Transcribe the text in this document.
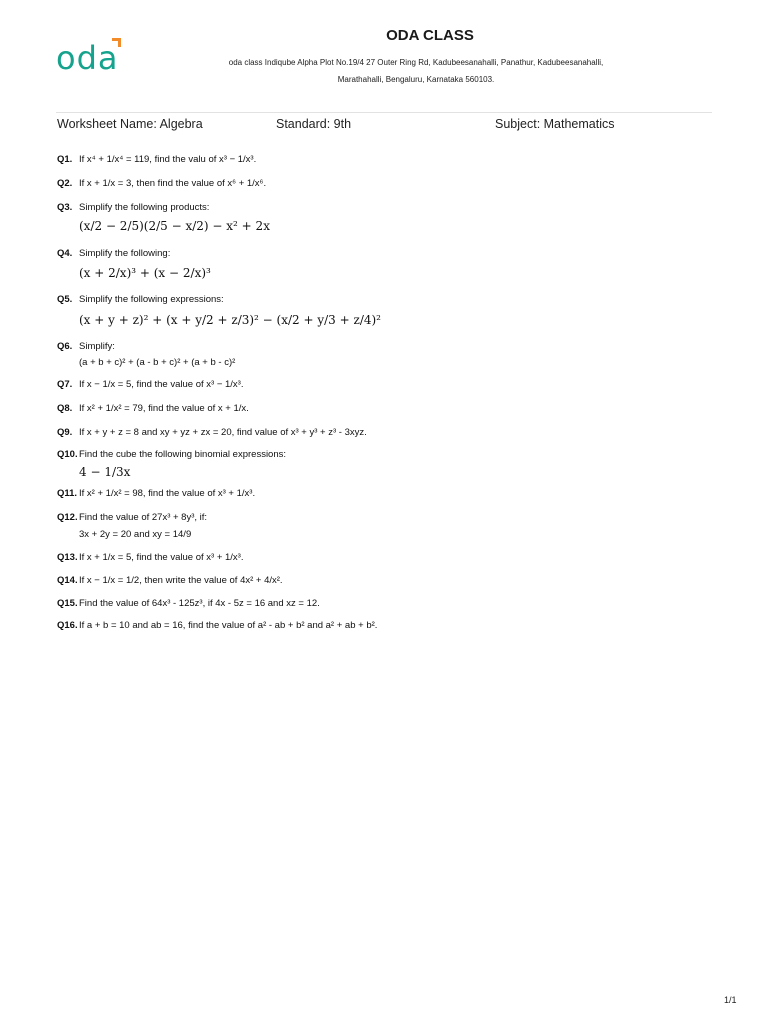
oda
ODA CLASS
oda class Indiqube Alpha Plot No.19/4 27 Outer Ring Rd, Kadubeesanahalli, Panathur, Kadubeesanahalli,
Marathahalli, Bengaluru, Karnataka 560103.
Worksheet Name: Algebra	Standard: 9th	Subject: Mathematics
Q1. If x⁴ + 1/x⁴ = 119, find the valu of x³ − 1/x³.
Q2. If x + 1/x = 3, then find the value of x⁶ + 1/x⁶.
Q3. Simplify the following products:
(x/2 − 2/5)(2/5 − x/2) − x² + 2x
Q4. Simplify the following:
(x + 2/x)³ + (x − 2/x)³
Q5. Simplify the following expressions:
(x + y + z)² + (x + y/2 + z/3)² − (x/2 + y/3 + z/4)²
Q6. Simplify:
(a + b + c)² + (a - b + c)² + (a + b - c)²
Q7. If x − 1/x = 5, find the value of x³ − 1/x³.
Q8. If x² + 1/x² = 79, find the value of x + 1/x.
Q9. If x + y + z = 8 and xy + yz + zx = 20, find value of x³ + y³ + z³ - 3xyz.
Q10.Find the cube the following binomial expressions:
4 − 1/3x
Q11. If x² + 1/x² = 98, find the value of x³ + 1/x³.
Q12.Find the value of 27x³ + 8y³, if:
3x + 2y = 20 and xy = 14/9
Q13.If x + 1/x = 5, find the value of x³ + 1/x³.
Q14.If x − 1/x = 1/2, then write the value of 4x² + 4/x².
Q15.Find the value of 64x³ - 125z³, if 4x - 5z = 16 and xz = 12.
Q16.If a + b = 10 and ab = 16, find the value of a² - ab + b² and a² + ab + b².
1/1
